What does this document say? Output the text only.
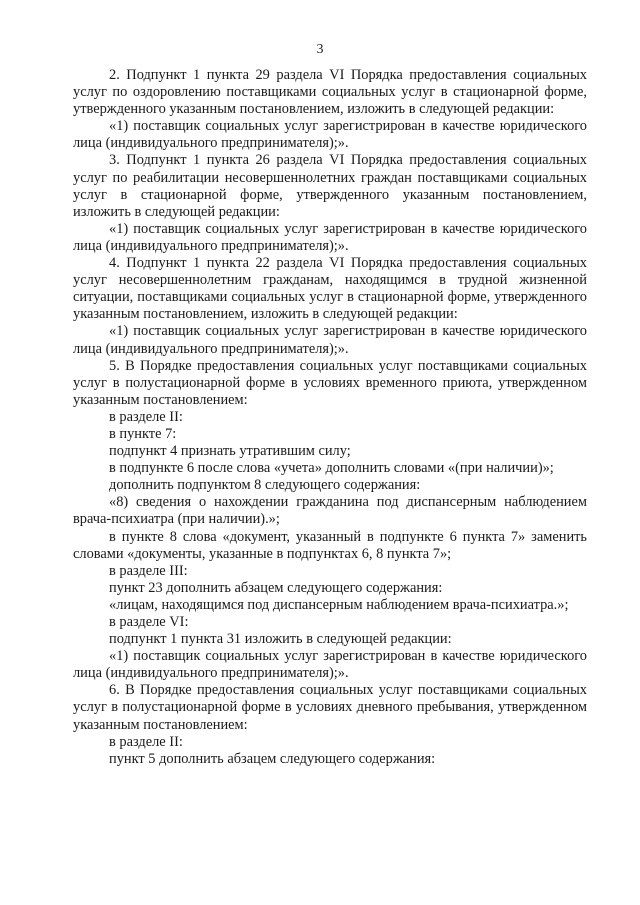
3

2. Подпункт 1 пункта 29 раздела VI Порядка предоставления социальных услуг по оздоровлению поставщиками социальных услуг в стационарной форме, утвержденного указанным постановлением, изложить в следующей редакции:

«1) поставщик социальных услуг зарегистрирован в качестве юридического лица (индивидуального предпринимателя);».

3. Подпункт 1 пункта 26 раздела VI Порядка предоставления социальных услуг по реабилитации несовершеннолетних граждан поставщиками социальных услуг в стационарной форме, утвержденного указанным постановлением, изложить в следующей редакции:

«1) поставщик социальных услуг зарегистрирован в качестве юридического лица (индивидуального предпринимателя);».

4. Подпункт 1 пункта 22 раздела VI Порядка предоставления социальных услуг несовершеннолетним гражданам, находящимся в трудной жизненной ситуации, поставщиками социальных услуг в стационарной форме, утвержденного указанным постановлением, изложить в следующей редакции:

«1) поставщик социальных услуг зарегистрирован в качестве юридического лица (индивидуального предпринимателя);».

5. В Порядке предоставления социальных услуг поставщиками социальных услуг в полустационарной форме в условиях временного приюта, утвержденном указанным постановлением:

в разделе II:

в пункте 7:

подпункт 4 признать утратившим силу;

в подпункте 6 после слова «учета» дополнить словами «(при наличии)»;

дополнить подпунктом 8 следующего содержания:

«8) сведения о нахождении гражданина под диспансерным наблюдением врача-психиатра (при наличии).»;

в пункте 8 слова «документ, указанный в подпункте 6 пункта 7» заменить словами «документы, указанные в подпунктах 6, 8 пункта 7»;

в разделе III:

пункт 23 дополнить абзацем следующего содержания:

«лицам, находящимся под диспансерным наблюдением врача-психиатра.»;

в разделе VI:

подпункт 1 пункта 31 изложить в следующей редакции:

«1) поставщик социальных услуг зарегистрирован в качестве юридического лица (индивидуального предпринимателя);».

6. В Порядке предоставления социальных услуг поставщиками социальных услуг в полустационарной форме в условиях дневного пребывания, утвержденном указанным постановлением:

в разделе II:

пункт 5 дополнить абзацем следующего содержания:
